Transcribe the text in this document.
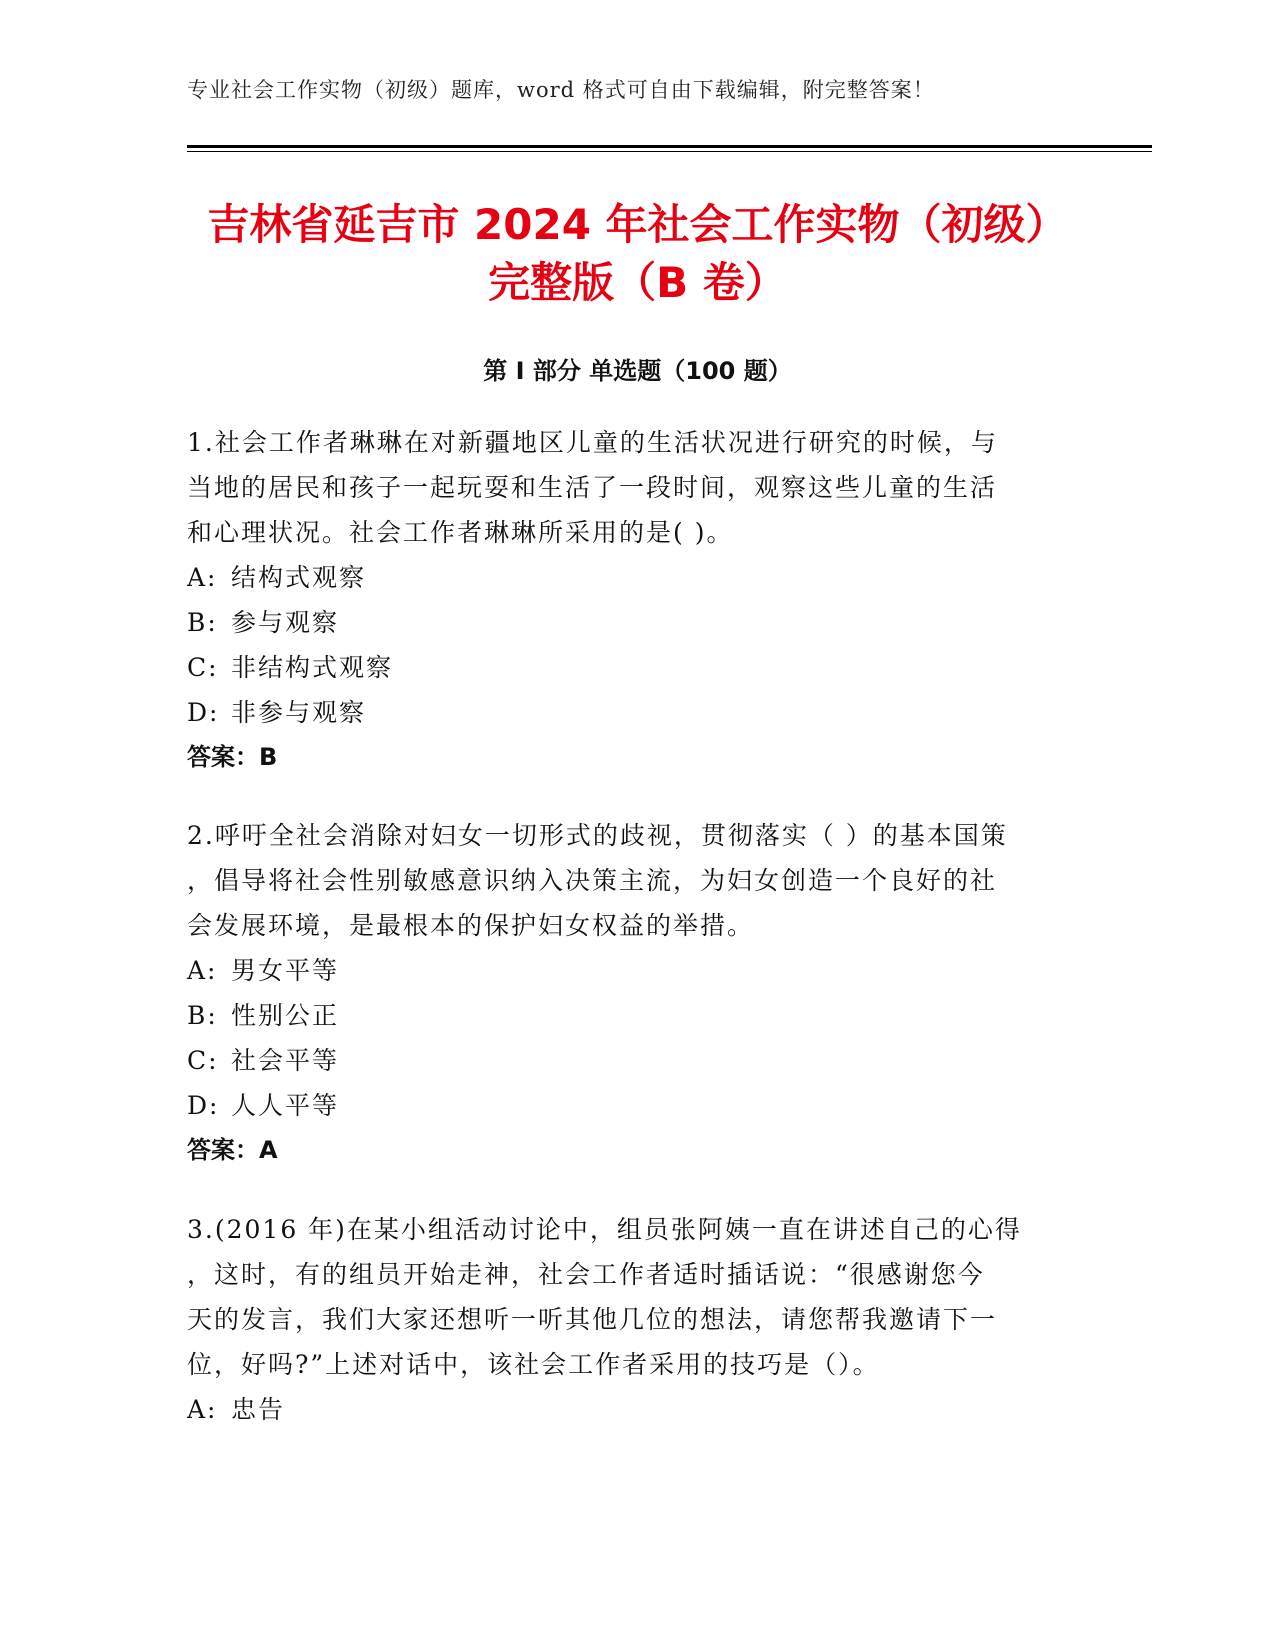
专业社会工作实物（初级）题库，word 格式可自由下载编辑，附完整答案！
吉林省延吉市 2024 年社会工作实物（初级）
完整版（B 卷）
第 I 部分 单选题（100 题）

1.社会工作者琳琳在对新疆地区儿童的生活状况进行研究的时候，与

当地的居民和孩子一起玩耍和生活了一段时间，观察这些儿童的生活

和心理状况。社会工作者琳琳所采用的是( )。

A: 结构式观察

B: 参与观察

C: 非结构式观察

D: 非参与观察

答案：B

2.呼吁全社会消除对妇女一切形式的歧视，贯彻落实（ ）的基本国策

，倡导将社会性别敏感意识纳入决策主流，为妇女创造一个良好的社

会发展环境，是最根本的保护妇女权益的举措。

A: 男女平等

B: 性别公正

C: 社会平等

D: 人人平等

答案：A

3.(2016 年)在某小组活动讨论中，组员张阿姨一直在讲述自己的心得

，这时，有的组员开始走神，社会工作者适时插话说：“很感谢您今

天的发言，我们大家还想听一听其他几位的想法，请您帮我邀请下一

位，好吗?”上述对话中，该社会工作者采用的技巧是（）。

A: 忠告
